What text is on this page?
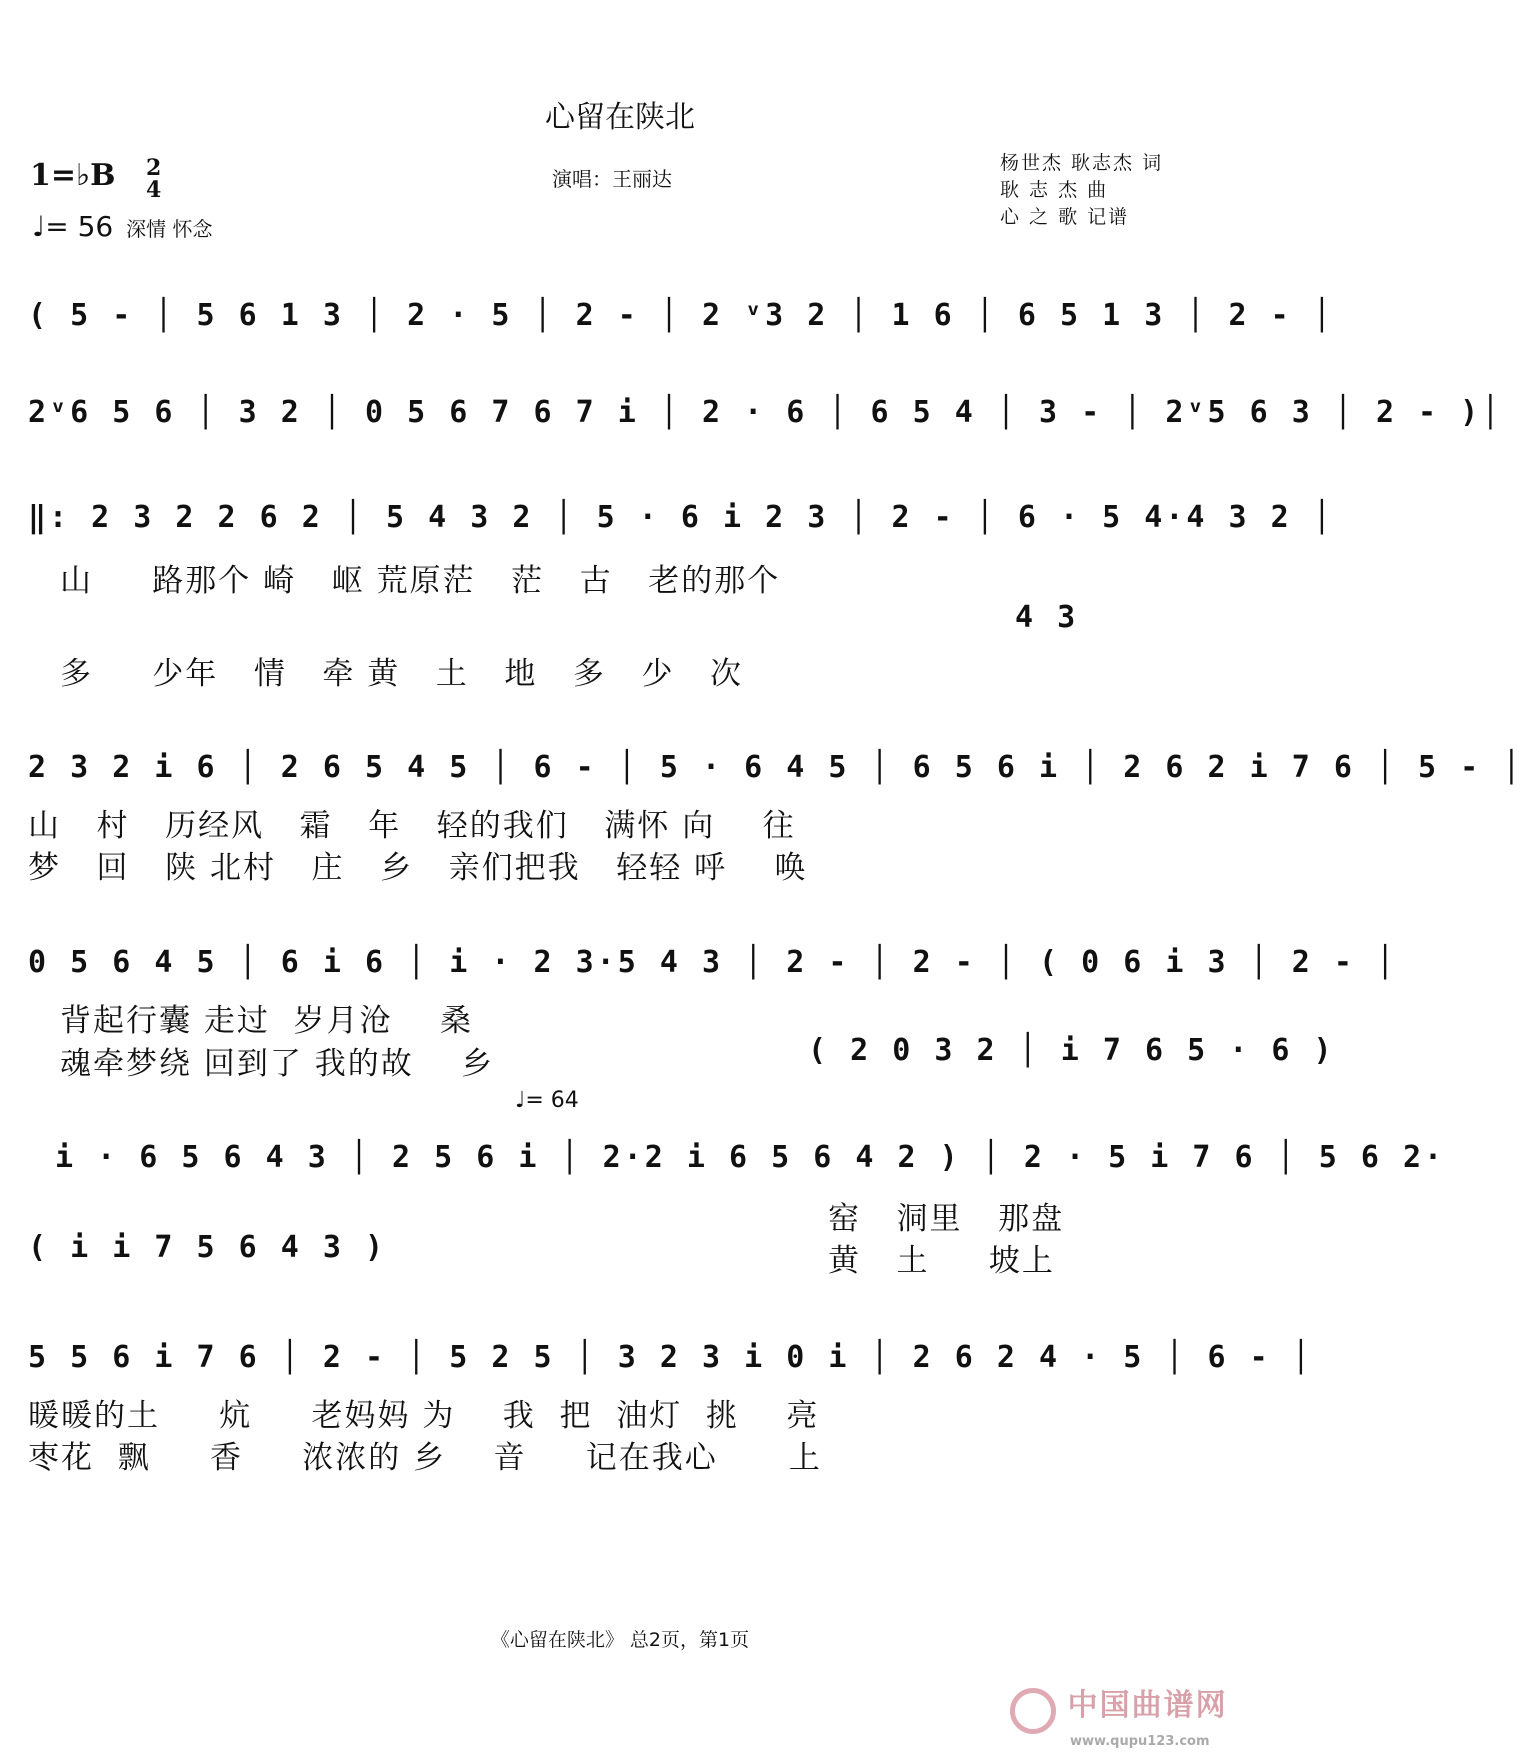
心留在陕北
1=♭B 2
4
♩= 56 深情 怀念
演唱：王丽达
杨世杰 耿志杰 词
耿 志 杰 曲
心 之 歌 记谱
( 5 - │ 5 6 1 3 │ 2 · 5 │ 2 - │ 2 ᵛ3 2 │ 1 6 │ 6 5 1 3 │ 2 - │
2ᵛ6 5 6 │ 3 2 │ 0 5 6 7 6 7 i │ 2 · 6 │ 6 5 4 │ 3 - │ 2ᵛ5 6 3 │ 2 - )│
‖: 2 3 2 2 6 2 │ 5 4 3 2 │ 5 · 6 i 2 3 │ 2 - │ 6 · 5 4·4 3 2 │
山     路那个 崎   岖 荒原茫   茫   古   老的那个
4 3
多     少年   情   牵 黄   土   地   多   少   次
2 3 2 i 6 │ 2 6 5 4 5 │ 6 - │ 5 · 6 4 5 │ 6 5 6 i │ 2 6 2 i 7 6 │ 5 - │
山   村   历经风   霜   年   轻的我们   满怀 向    往
梦   回   陕 北村   庄   乡   亲们把我   轻轻 呼    唤
0 5 6 4 5 │ 6 i 6 │ i · 2 3·5 4 3 │ 2 - │ 2 - │ ( 0 6 i 3 │ 2 - │
背起行囊 走过  岁月沧    桑
魂牵梦绕 回到了 我的故    乡	( 2 0 3 2 │ i 7 6 5 · 6 )
♩= 64
i · 6 5 6 4 3 │ 2 5 6 i │ 2·2 i 6 5 6 4 2 ) │ 2 · 5 i 7 6 │ 5 6 2·
窑   洞里   那盘
( i i 7 5 6 4 3 )	黄   土     坡上
5 5 6 i 7 6 │ 2 - │ 5 2 5 │ 3 2 3 i 0 i │ 2 6 2 4 · 5 │ 6 - │
暖暖的土     炕     老妈妈 为    我  把  油灯  挑    亮
枣花  飘     香     浓浓的 乡    音     记在我心      上
《心留在陕北》 总2页，第1页
中国曲谱网
www.qupu123.com
